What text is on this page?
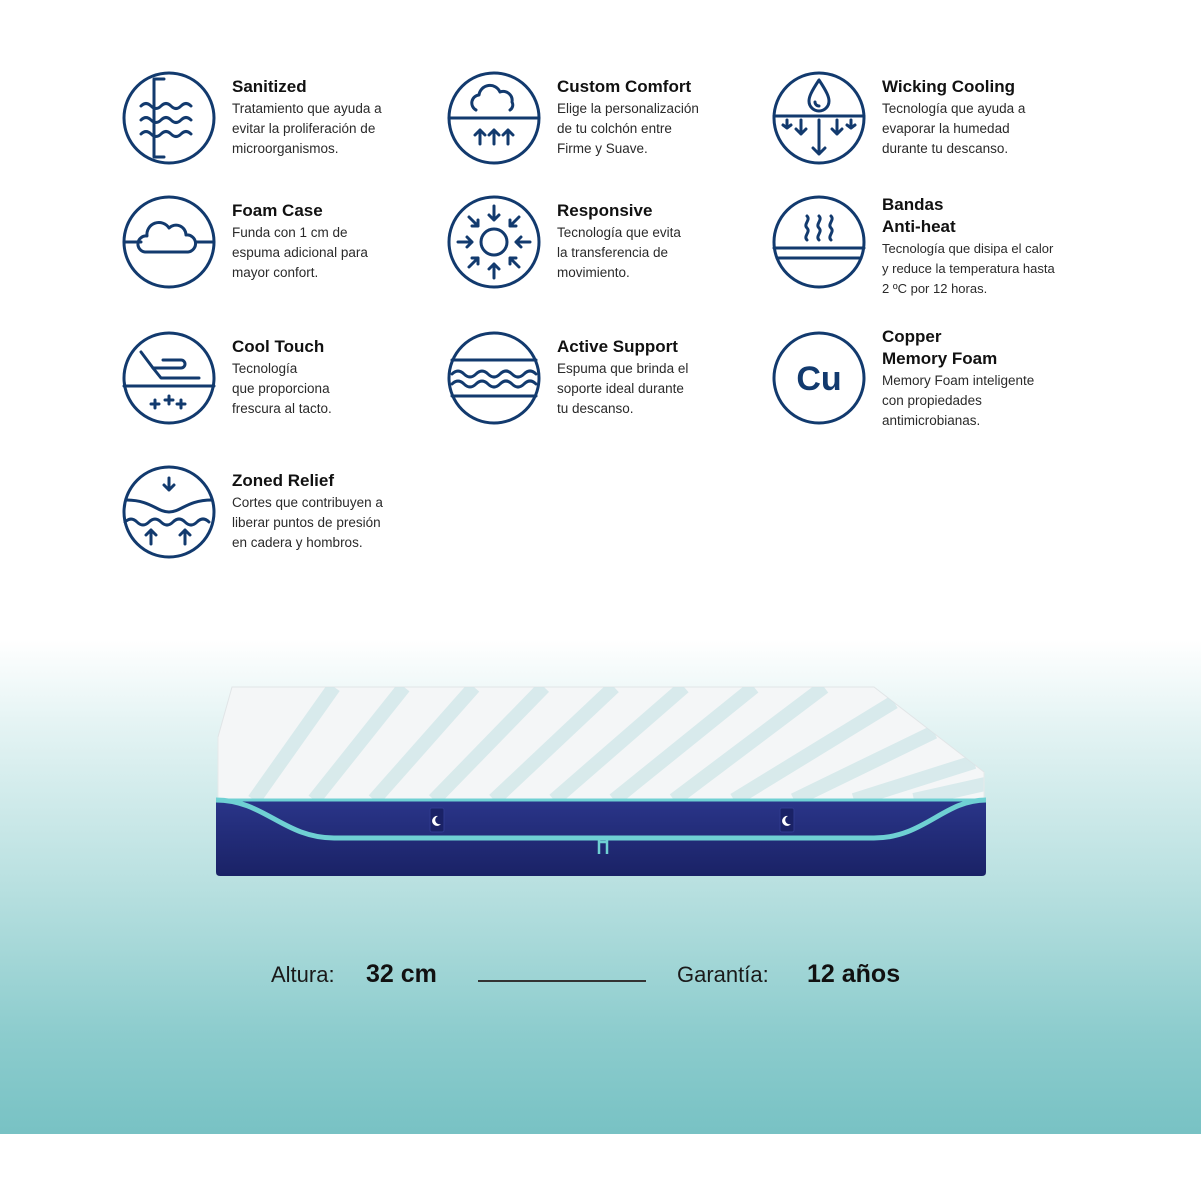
Sanitized

Tratamiento que ayuda a
evitar la proliferación de
microorganismos.

Custom Comfort

Elige la personalización
de tu colchón entre
Firme y Suave.

Wicking Cooling

Tecnología que ayuda a
evaporar la humedad
durante tu descanso.

Foam Case

Funda con 1 cm de
espuma adicional para
mayor confort.

Responsive

Tecnología que evita
la transferencia de
movimiento.

Bandas
Anti-heat

Tecnología que disipa el calor
y reduce la temperatura hasta
2 ºC por 12 horas.

Cool Touch

Tecnología
que proporciona
frescura al tacto.

Active Support

Espuma que brinda el
soporte ideal durante
tu descanso.

Cu

Copper
Memory Foam

Memory Foam inteligente
con propiedades
antimicrobianas.

Zoned Relief

Cortes que contribuyen a
liberar puntos de presión
en cadera y hombros.

Altura: 32 cm	Garantía: 12 años
